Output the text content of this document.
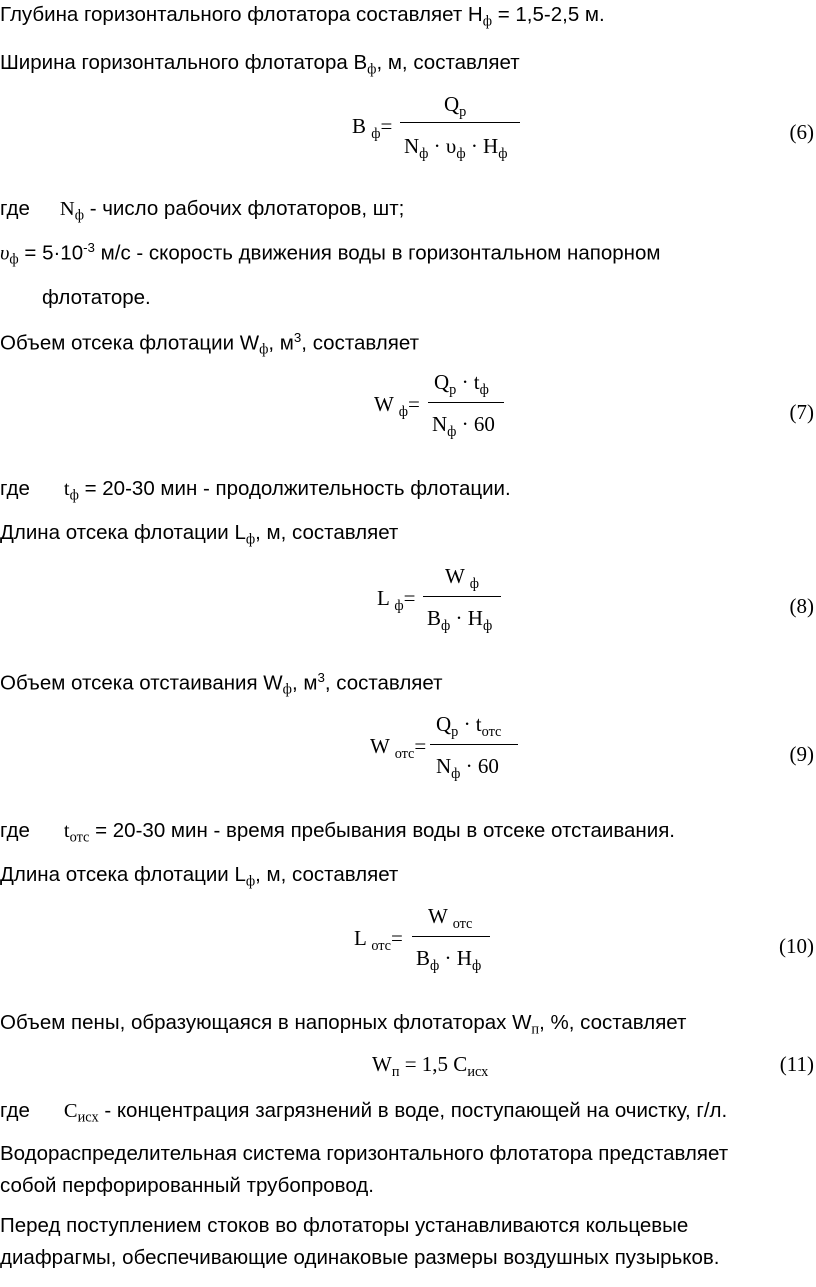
Глубина горизонтального флотатора составляет $Н_ф = 1,5-2,5$ м.
Ширина горизонтального флотатора $В_ф$, м, составляет
В $_ф$=
$Q_р$
$N_ф \cdot \upsilon_ф \cdot Н_ф$
(6)
где $N_ф$ - число рабочих флотаторов, шт;
$\upsilon_ф = 5\cdot 10^{-3}$ м/с - скорость движения воды в горизонтальном напорном
флотаторе.
Объем отсека флотации $W_ф$, $м^3$, составляет
W $_ф$=
$Q_р \cdot t_ф$
$N_ф \cdot 60$	(7)
где $t_ф = 20-30$ мин - продолжительность флотации.
Длина отсека флотации $L_ф$, м, составляет
L $_ф$=
W $_ф$
$В_ф \cdot Н_ф$
(8)
Объем отсека отстаивания $W_ф$, $м^3$, составляет
W $_{отс}$=
$Q_р \cdot t_{отс}$
$N_ф \cdot 60$	(9)
где $t_{отс} = 20-30$ мин - время пребывания воды в отсеке отстаивания.
Длина отсека флотации $L_ф$, м, составляет
L $_{отс}$=
W $_{отс}$
$В_ф \cdot Н_ф$
(10)
Объем пены, образующаяся в напорных флотаторах $W_п$, %, составляет
$W_п = 1,5$ $С_{исх}$	(11)
где $С_{исх}$ - концентрация загрязнений в воде, поступающей на очистку, г/л.
Водораспределительная система горизонтального флотатора представляет
собой перфорированный трубопровод.
Перед поступлением стоков во флотаторы устанавливаются кольцевые
диафрагмы, обеспечивающие одинаковые размеры воздушных пузырьков.
